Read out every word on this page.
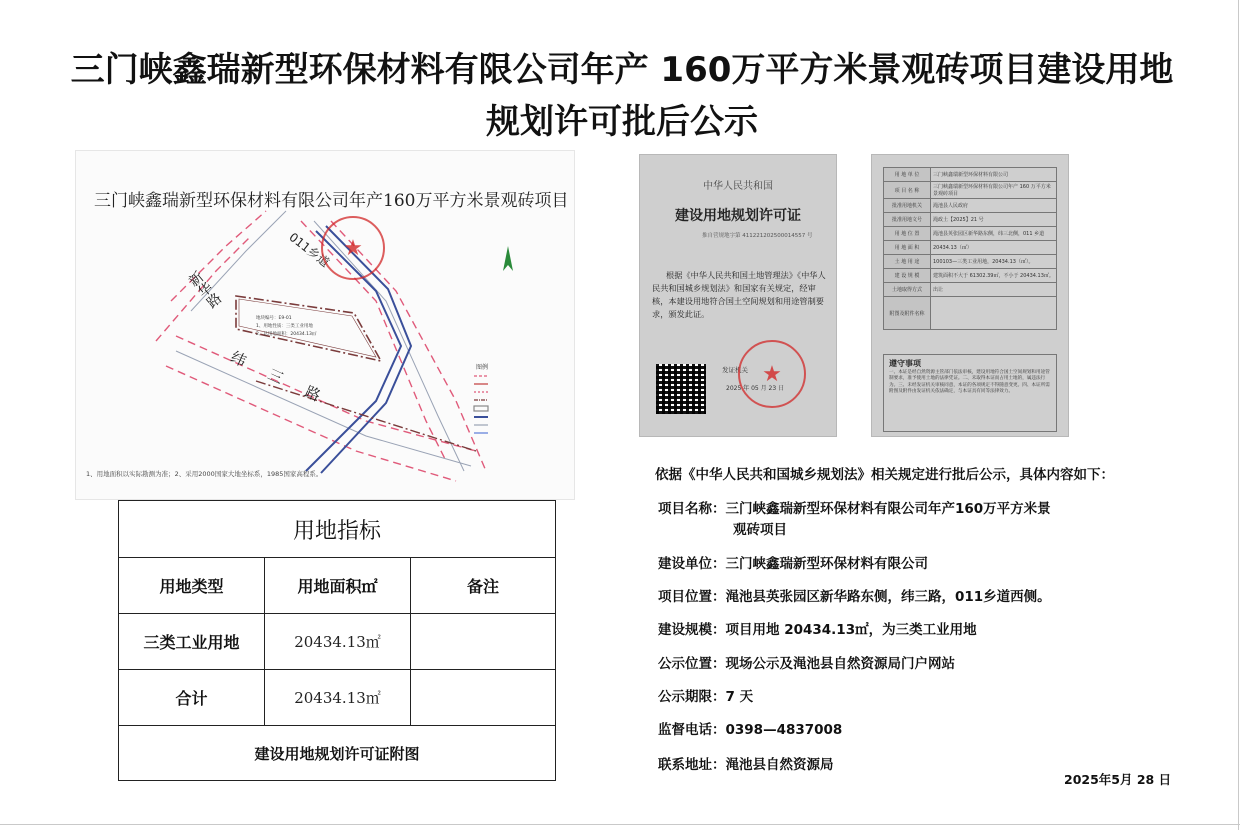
三门峡鑫瑞新型环保材料有限公司年产 160万平方米景观砖项目建设用地
规划许可批后公示
图例
地块编号：E9-01
1、用地性质：三类工业用地
2、总用地面积：20434.13㎡
三门峡鑫瑞新型环保材料有限公司年产160万平方米景观砖项目
新华路
纬三路
011乡道 ★
1、用地面积以实际勘测为准；2、采用2000国家大地坐标系，1985国家高程系。
中华人民共和国
建设用地规划许可证
推自营规地字第 411221202500014557 号
根据《中华人民共和国土地管理法》《中华人民共和国城乡规划法》和国家有关规定，经审核，本建设用地符合国土空间规划和用途管制要求，颁发此证。
发证机关
2025 年 05 月 23 日
★
用 地 单 位	三门峡鑫瑞新型环保材料有限公司
项 目 名 称	三门峡鑫瑞新型环保材料有限公司年产 160 万平方米景观砖项目
批准用地机关	渑池县人民政府
批准用地文号	渑政土【2025】21 号
用 地 位 置	渑池县英张园区新华路东侧，纬三北侧，011 乡道
用 地 面 积	20434.13（㎡）
土 地 用 途	100103—三类工业用地，20434.13（㎡）。
建 设 规 模	建筑面积不大于 61302.39㎡，不小于 20434.13㎡。
土地取得方式	出让
附图及附件名称	
遵守事项
一、本证是经自然资源主管部门依法审核，建设用地符合国土空间规划和用途管制要求，准予使用土地的法律凭证。二、未取得本证而占用土地的，属违法行为。三、未经发证机关审核同意，本证的各项规定不得随意变更。四、本证所需附图及附件由发证机关依法确定，与本证具有同等法律效力。
用地指标
用地类型	用地面积㎡	备注
三类工业用地	20434.13㎡
合计	20434.13㎡
建设用地规划许可证附图
依据《中华人民共和国城乡规划法》相关规定进行批后公示，具体内容如下：
项目名称：三门峡鑫瑞新型环保材料有限公司年产160万平方米景
观砖项目
建设单位：三门峡鑫瑞新型环保材料有限公司
项目位置：渑池县英张园区新华路东侧，纬三路，011乡道西侧。
建设规模：项目用地 20434.13㎡，为三类工业用地
公示位置：现场公示及渑池县自然资源局门户网站
公示期限：7 天
监督电话：0398—4837008
联系地址：渑池县自然资源局
2025年5月 28 日
